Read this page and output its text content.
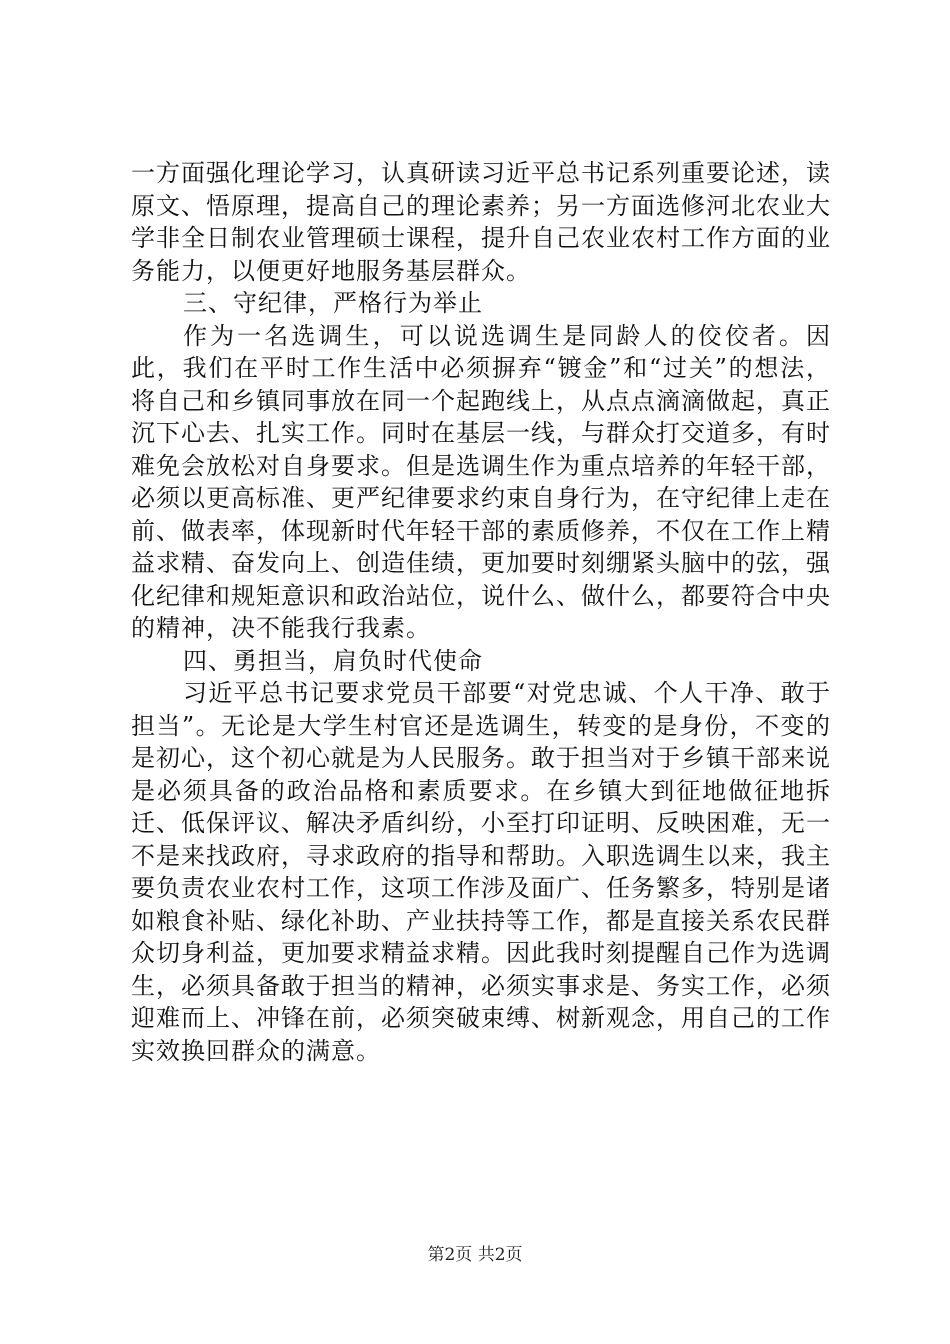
一方面强化理论学习，认真研读习近平总书记系列重要论述，读原文、悟原理，提高自己的理论素养；另一方面选修河北农业大学非全日制农业管理硕士课程，提升自己农业农村工作方面的业务能力，以便更好地服务基层群众。

三、守纪律，严格行为举止

作为一名选调生，可以说选调生是同龄人的佼佼者。因此，我们在平时工作生活中必须摒弃“镀金”和“过关”的想法，将自己和乡镇同事放在同一个起跑线上，从点点滴滴做起，真正沉下心去、扎实工作。同时在基层一线，与群众打交道多，有时难免会放松对自身要求。但是选调生作为重点培养的年轻干部，必须以更高标准、更严纪律要求约束自身行为，在守纪律上走在前、做表率，体现新时代年轻干部的素质修养，不仅在工作上精益求精、奋发向上、创造佳绩，更加要时刻绷紧头脑中的弦，强化纪律和规矩意识和政治站位，说什么、做什么，都要符合中央的精神，决不能我行我素。

四、勇担当，肩负时代使命

习近平总书记要求党员干部要“对党忠诚、个人干净、敢于担当”。无论是大学生村官还是选调生，转变的是身份，不变的是初心，这个初心就是为人民服务。敢于担当对于乡镇干部来说是必须具备的政治品格和素质要求。在乡镇大到征地做征地拆迁、低保评议、解决矛盾纠纷，小至打印证明、反映困难，无一不是来找政府，寻求政府的指导和帮助。入职选调生以来，我主要负责农业农村工作，这项工作涉及面广、任务繁多，特别是诸如粮食补贴、绿化补助、产业扶持等工作，都是直接关系农民群众切身利益，更加要求精益求精。因此我时刻提醒自己作为选调生，必须具备敢于担当的精神，必须实事求是、务实工作，必须迎难而上、冲锋在前，必须突破束缚、树新观念，用自己的工作实效换回群众的满意。

第2页 共2页
